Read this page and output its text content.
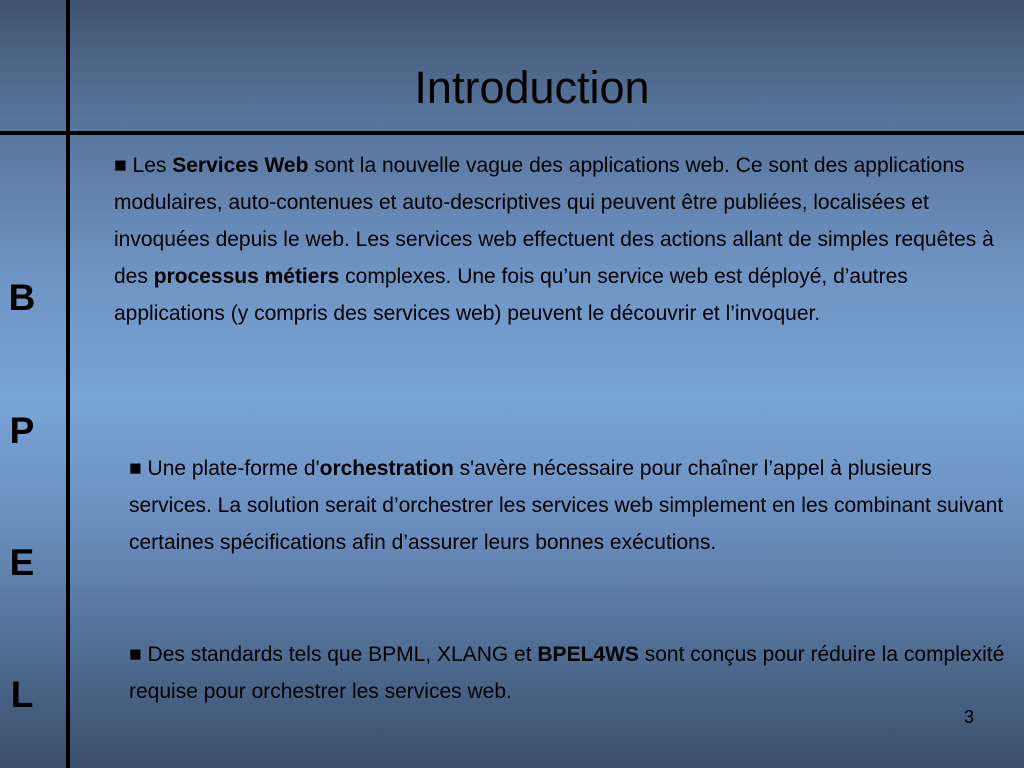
Introduction
B
P
E
L

■ Les Services Web sont la nouvelle vague des applications web. Ce sont des applications modulaires, auto-contenues et auto-descriptives qui peuvent être publiées, localisées et invoquées depuis le web. Les services web effectuent des actions allant de simples requêtes à des processus métiers complexes. Une fois qu’un service web est déployé, d’autres applications (y compris des services web) peuvent le découvrir et l’invoquer.

■ Une plate-forme d'orchestration s'avère nécessaire pour chaîner l’appel à plusieurs services. La solution serait d’orchestrer les services web simplement en les combinant suivant certaines spécifications afin d’assurer leurs bonnes exécutions.

■ Des standards tels que BPML, XLANG et BPEL4WS sont conçus pour réduire la complexité requise pour orchestrer les services web.

3
